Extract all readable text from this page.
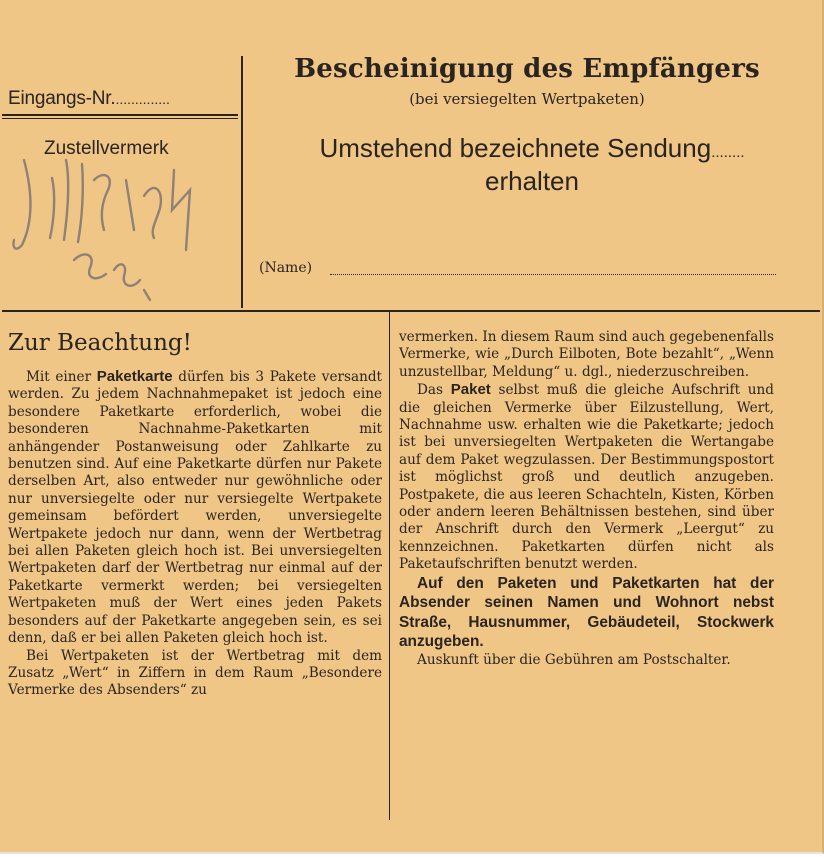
Eingangs-Nr...............
Zustellvermerk
Bescheinigung des Empfängers
(bei versiegelten Wertpaketen)
Umstehend bezeichnete Sendung........
erhalten
(Name)
Zur Beachtung!

Mit einer Paketkarte dürfen bis 3 Pakete versandt werden. Zu jedem Nachnahmepaket ist jedoch eine besondere Paketkarte erforderlich, wobei die besonderen Nachnahme-Paketkarten mit anhängender Postanweisung oder Zahlkarte zu benutzen sind. Auf eine Paketkarte dürfen nur Pakete derselben Art, also entweder nur gewöhnliche oder nur unversiegelte oder nur versiegelte Wertpakete gemeinsam befördert werden, unversiegelte Wertpakete jedoch nur dann, wenn der Wertbetrag bei allen Paketen gleich hoch ist. Bei unversiegelten Wertpaketen darf der Wertbetrag nur einmal auf der Paketkarte vermerkt werden; bei versiegelten Wertpaketen muß der Wert eines jeden Pakets besonders auf der Paketkarte angegeben sein, es sei denn, daß er bei allen Paketen gleich hoch ist.

Bei Wertpaketen ist der Wertbetrag mit dem Zusatz „Wert“ in Ziffern in dem Raum „Besondere Vermerke des Absenders“ zu

vermerken. In diesem Raum sind auch gegebenenfalls Vermerke, wie „Durch Eilboten, Bote bezahlt“, „Wenn unzustellbar, Meldung“ u. dgl., niederzuschreiben.

Das Paket selbst muß die gleiche Aufschrift und die gleichen Vermerke über Eilzustellung, Wert, Nachnahme usw. erhalten wie die Paketkarte; jedoch ist bei unversiegelten Wertpaketen die Wertangabe auf dem Paket wegzulassen. Der Bestimmungspostort ist möglichst groß und deutlich anzugeben. Postpakete, die aus leeren Schachteln, Kisten, Körben oder andern leeren Behältnissen bestehen, sind über der Anschrift durch den Vermerk „Leergut“ zu kennzeichnen. Paketkarten dürfen nicht als Paketaufschriften benutzt werden.

Auf den Paketen und Paketkarten hat der Absender seinen Namen und Wohnort nebst Straße, Hausnummer, Gebäudeteil, Stockwerk anzugeben.

Auskunft über die Gebühren am Postschalter.
